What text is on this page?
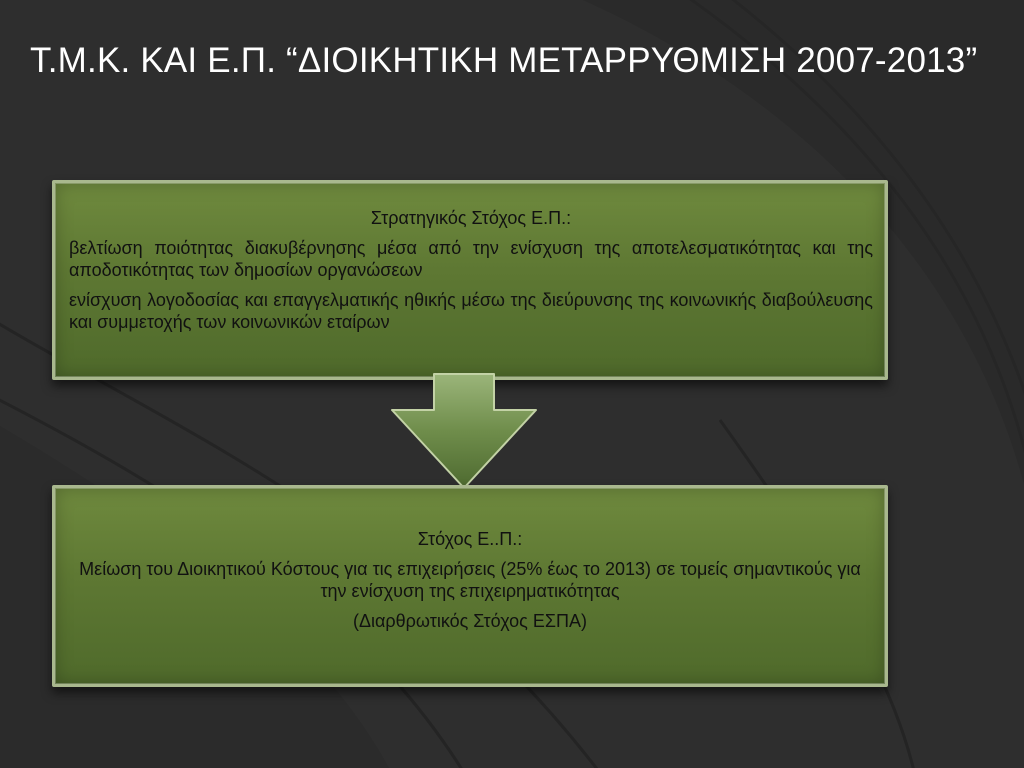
Τ.Μ.Κ. ΚΑΙ Ε.Π. “ΔΙΟΙΚΗΤΙΚΗ ΜΕΤΑΡΡΥΘΜΙΣΗ 2007-2013”

Στρατηγικός Στόχος Ε.Π.:

βελτίωση ποιότητας διακυβέρνησης μέσα από την ενίσχυση της αποτελεσματικότητας και της αποδοτικότητας των δημοσίων οργανώσεων

ενίσχυση λογοδοσίας και επαγγελματικής ηθικής μέσω της διεύρυνσης της κοινωνικής διαβούλευσης και συμμετοχής των κοινωνικών εταίρων

Στόχος Ε..Π.:

Μείωση του Διοικητικού Κόστους για τις επιχειρήσεις (25% έως το 2013) σε τομείς σημαντικούς για την ενίσχυση της επιχειρηματικότητας

(Διαρθρωτικός Στόχος ΕΣΠΑ)
